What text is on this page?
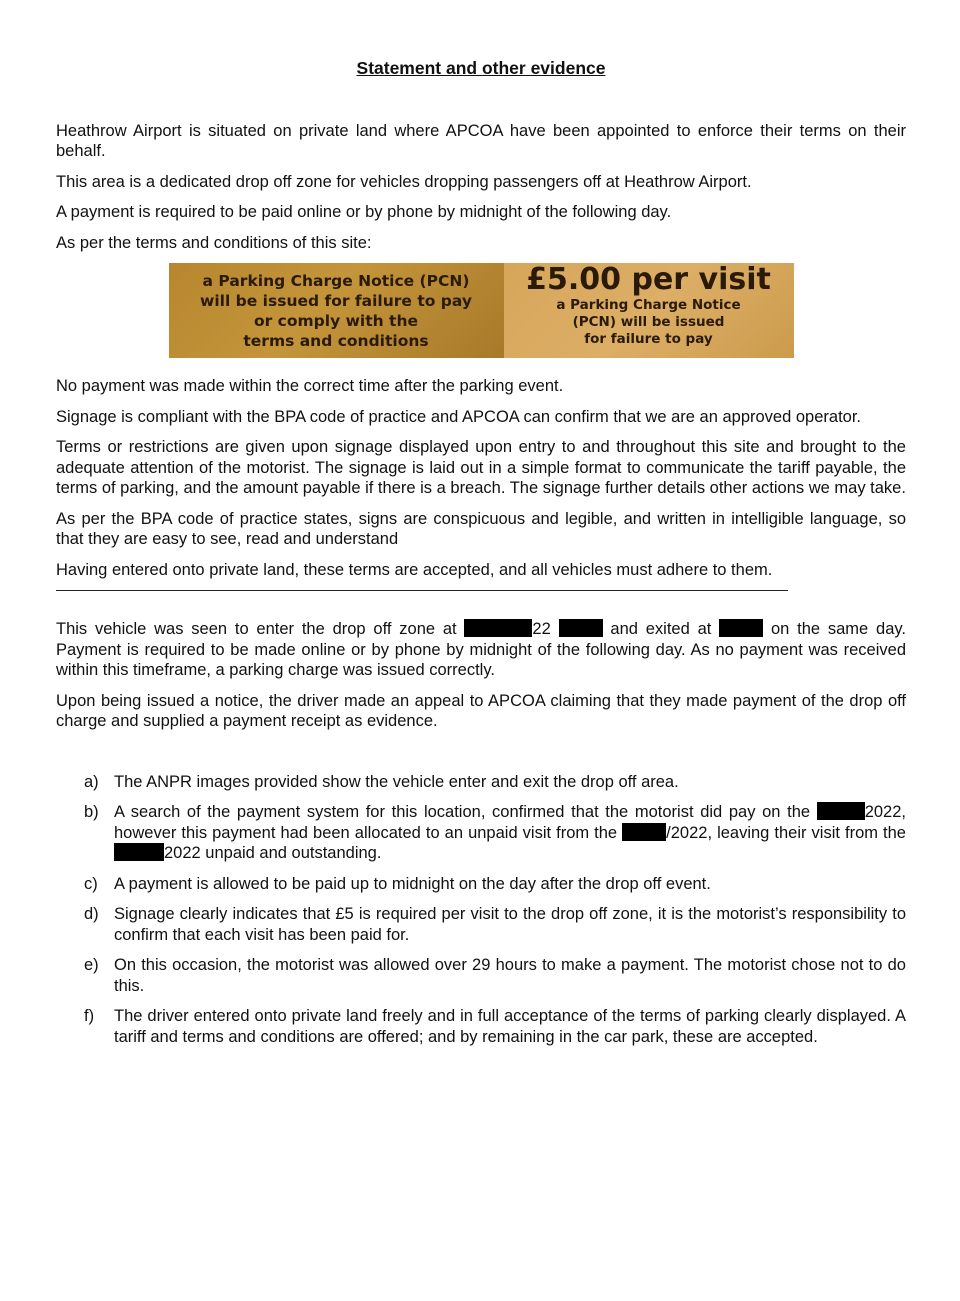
Statement and other evidence

Heathrow Airport is situated on private land where APCOA have been appointed to enforce their terms on their behalf.

This area is a dedicated drop off zone for vehicles dropping passengers off at Heathrow Airport.

A payment is required to be paid online or by phone by midnight of the following day.

As per the terms and conditions of this site:

a Parking Charge Notice (PCN)
will be issued for failure to pay
or comply with the
terms and conditions
£5.00 per visit
a Parking Charge Notice
(PCN) will be issued
for failure to pay

No payment was made within the correct time after the parking event.

Signage is compliant with the BPA code of practice and APCOA can confirm that we are an approved operator.

Terms or restrictions are given upon signage displayed upon entry to and throughout this site and brought to the adequate attention of the motorist. The signage is laid out in a simple format to communicate the tariff payable, the terms of parking, and the amount payable if there is a breach. The signage further details other actions we may take.

As per the BPA code of practice states, signs are conspicuous and legible, and written in intelligible language, so that they are easy to see, read and understand

Having entered onto private land, these terms are accepted, and all vehicles must adhere to them.

This vehicle was seen to enter the drop off zone at	22	and exited at	on the same day. Payment is required to be made online or by phone by midnight of the following day. As no payment was received within this timeframe, a parking charge was issued correctly.

Upon being issued a notice, the driver made an appeal to APCOA claiming that they made payment of the drop off charge and supplied a payment receipt as evidence.

a) The ANPR images provided show the vehicle enter and exit the drop off area.
b) A search of the payment system for this location, confirmed that the motorist did pay on the	2022, however this payment had been allocated to an unpaid visit from the	/2022, leaving their visit from the 2022 unpaid and outstanding.
c) A payment is allowed to be paid up to midnight on the day after the drop off event.
d) Signage clearly indicates that £5 is required per visit to the drop off zone, it is the motorist’s responsibility to confirm that each visit has been paid for.
e) On this occasion, the motorist was allowed over 29 hours to make a payment. The motorist chose not to do this.
f)	The driver entered onto private land freely and in full acceptance of the terms of parking clearly displayed. A tariff and terms and conditions are offered; and by remaining in the car park, these are accepted.
